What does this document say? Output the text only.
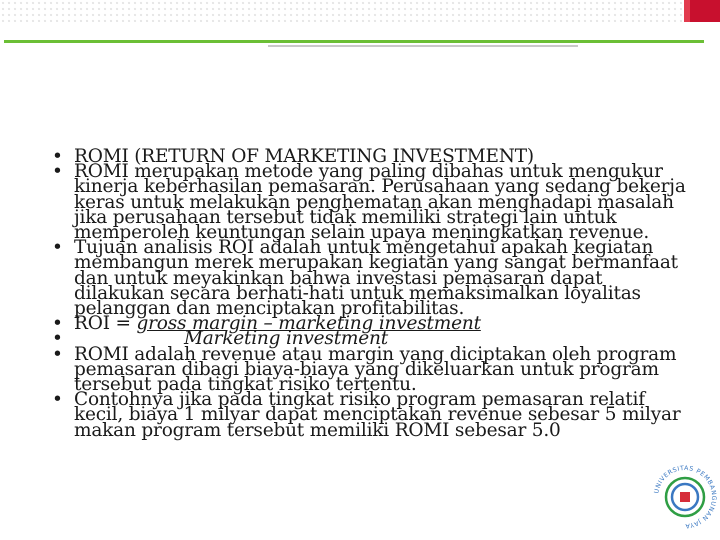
• ROMI (RETURN OF MARKETING INVESTMENT)
• ROMI merupakan metode yang paling dibahas untuk mengukur kinerja keberhasilan pemasaran. Perusahaan yang sedang bekerja keras untuk melakukan penghematan akan menghadapi masalah jika perusahaan tersebut tidak memiliki strategi lain untuk memperoleh keuntungan selain upaya meningkatkan revenue.
• Tujuan analisis ROI adalah untuk mengetahui apakah kegiatan membangun merek merupakan kegiatan yang sangat bermanfaat dan untuk meyakinkan bahwa investasi pemasaran dapat dilakukan secara berhati-hati untuk memaksimalkan loyalitas pelanggan dan menciptakan profitabilitas.
• ROI = gross margin – marketing investment
•	Marketing investment
• ROMI adalah revenue atau margin yang diciptakan oleh program pemasaran dibagi biaya-biaya yang dikeluarkan untuk program tersebut pada tingkat risiko tertentu.
• Contohnya jika pada tingkat risiko program pemasaran relatif kecil, biaya 1 milyar dapat menciptakan revenue sebesar 5 milyar makan program tersebut memiliki ROMI sebesar 5.0
UNIVERSITAS PEMBANGUNAN JAYA
